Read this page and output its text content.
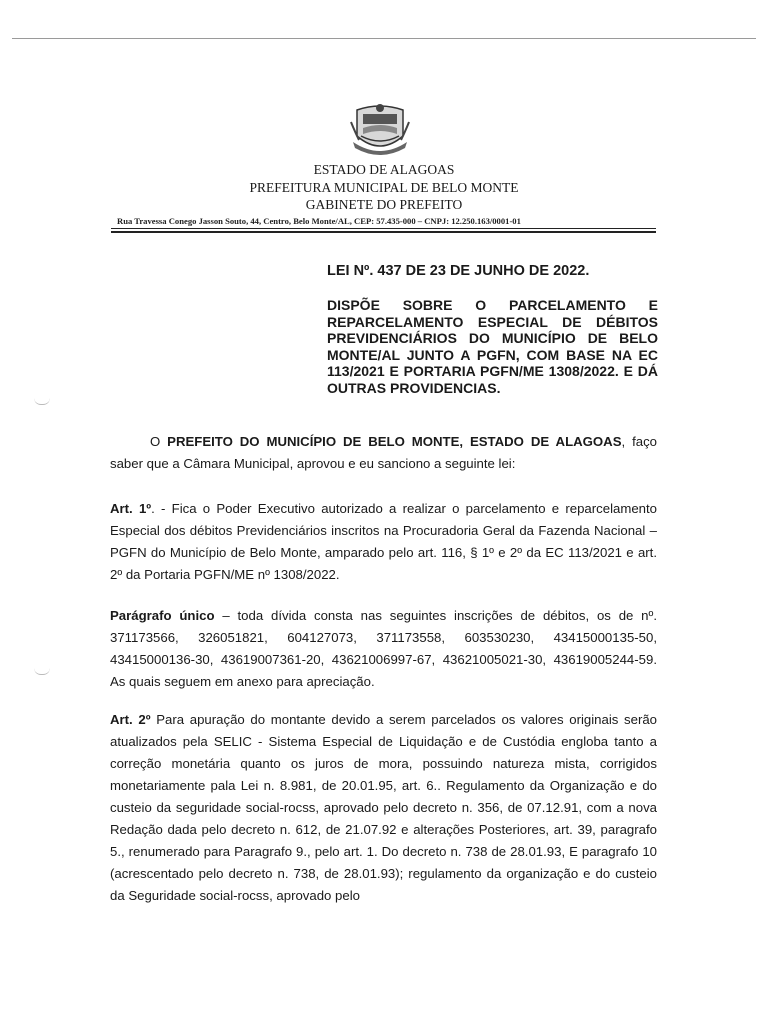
ESTADO DE ALAGOAS
PREFEITURA MUNICIPAL DE BELO MONTE
GABINETE DO PREFEITO
Rua Travessa Conego Jasson Souto, 44, Centro, Belo Monte/AL, CEP: 57.435-000 – CNPJ: 12.250.163/0001-01
LEI Nº. 437 DE 23 DE JUNHO DE 2022.
DISPÕE SOBRE O PARCELAMENTO E REPARCELAMENTO ESPECIAL DE DÉBITOS PREVIDENCIÁRIOS DO MUNICÍPIO DE BELO MONTE/AL JUNTO A PGFN, COM BASE NA EC 113/2021 E PORTARIA PGFN/ME 1308/2022. E DÁ OUTRAS PROVIDENCIAS.
O PREFEITO DO MUNICÍPIO DE BELO MONTE, ESTADO DE ALAGOAS, faço saber que a Câmara Municipal, aprovou e eu sanciono a seguinte lei:
Art. 1º. - Fica o Poder Executivo autorizado a realizar o parcelamento e reparcelamento Especial dos débitos Previdenciários inscritos na Procuradoria Geral da Fazenda Nacional – PGFN do Município de Belo Monte, amparado pelo art. 116, § 1º e 2º da EC 113/2021 e art. 2º da Portaria PGFN/ME nº 1308/2022.
Parágrafo único – toda dívida consta nas seguintes inscrições de débitos, os de nº. 371173566, 326051821, 604127073, 371173558, 603530230, 43415000135-50, 43415000136-30, 43619007361-20, 43621006997-67, 43621005021-30, 43619005244-59. As quais seguem em anexo para apreciação.
Art. 2º Para apuração do montante devido a serem parcelados os valores originais serão atualizados pela SELIC - Sistema Especial de Liquidação e de Custódia engloba tanto a correção monetária quanto os juros de mora, possuindo natureza mista, corrigidos monetariamente pala Lei n. 8.981, de 20.01.95, art. 6.. Regulamento da Organização e do custeio da seguridade social-rocss, aprovado pelo decreto n. 356, de 07.12.91, com a nova Redação dada pelo decreto n. 612, de 21.07.92 e alterações Posteriores, art. 39, paragrafo 5., renumerado para Paragrafo 9., pelo art. 1. Do decreto n. 738 de 28.01.93, E paragrafo 10 (acrescentado pelo decreto n. 738, de 28.01.93); regulamento da organização e do custeio da Seguridade social-rocss, aprovado pelo
